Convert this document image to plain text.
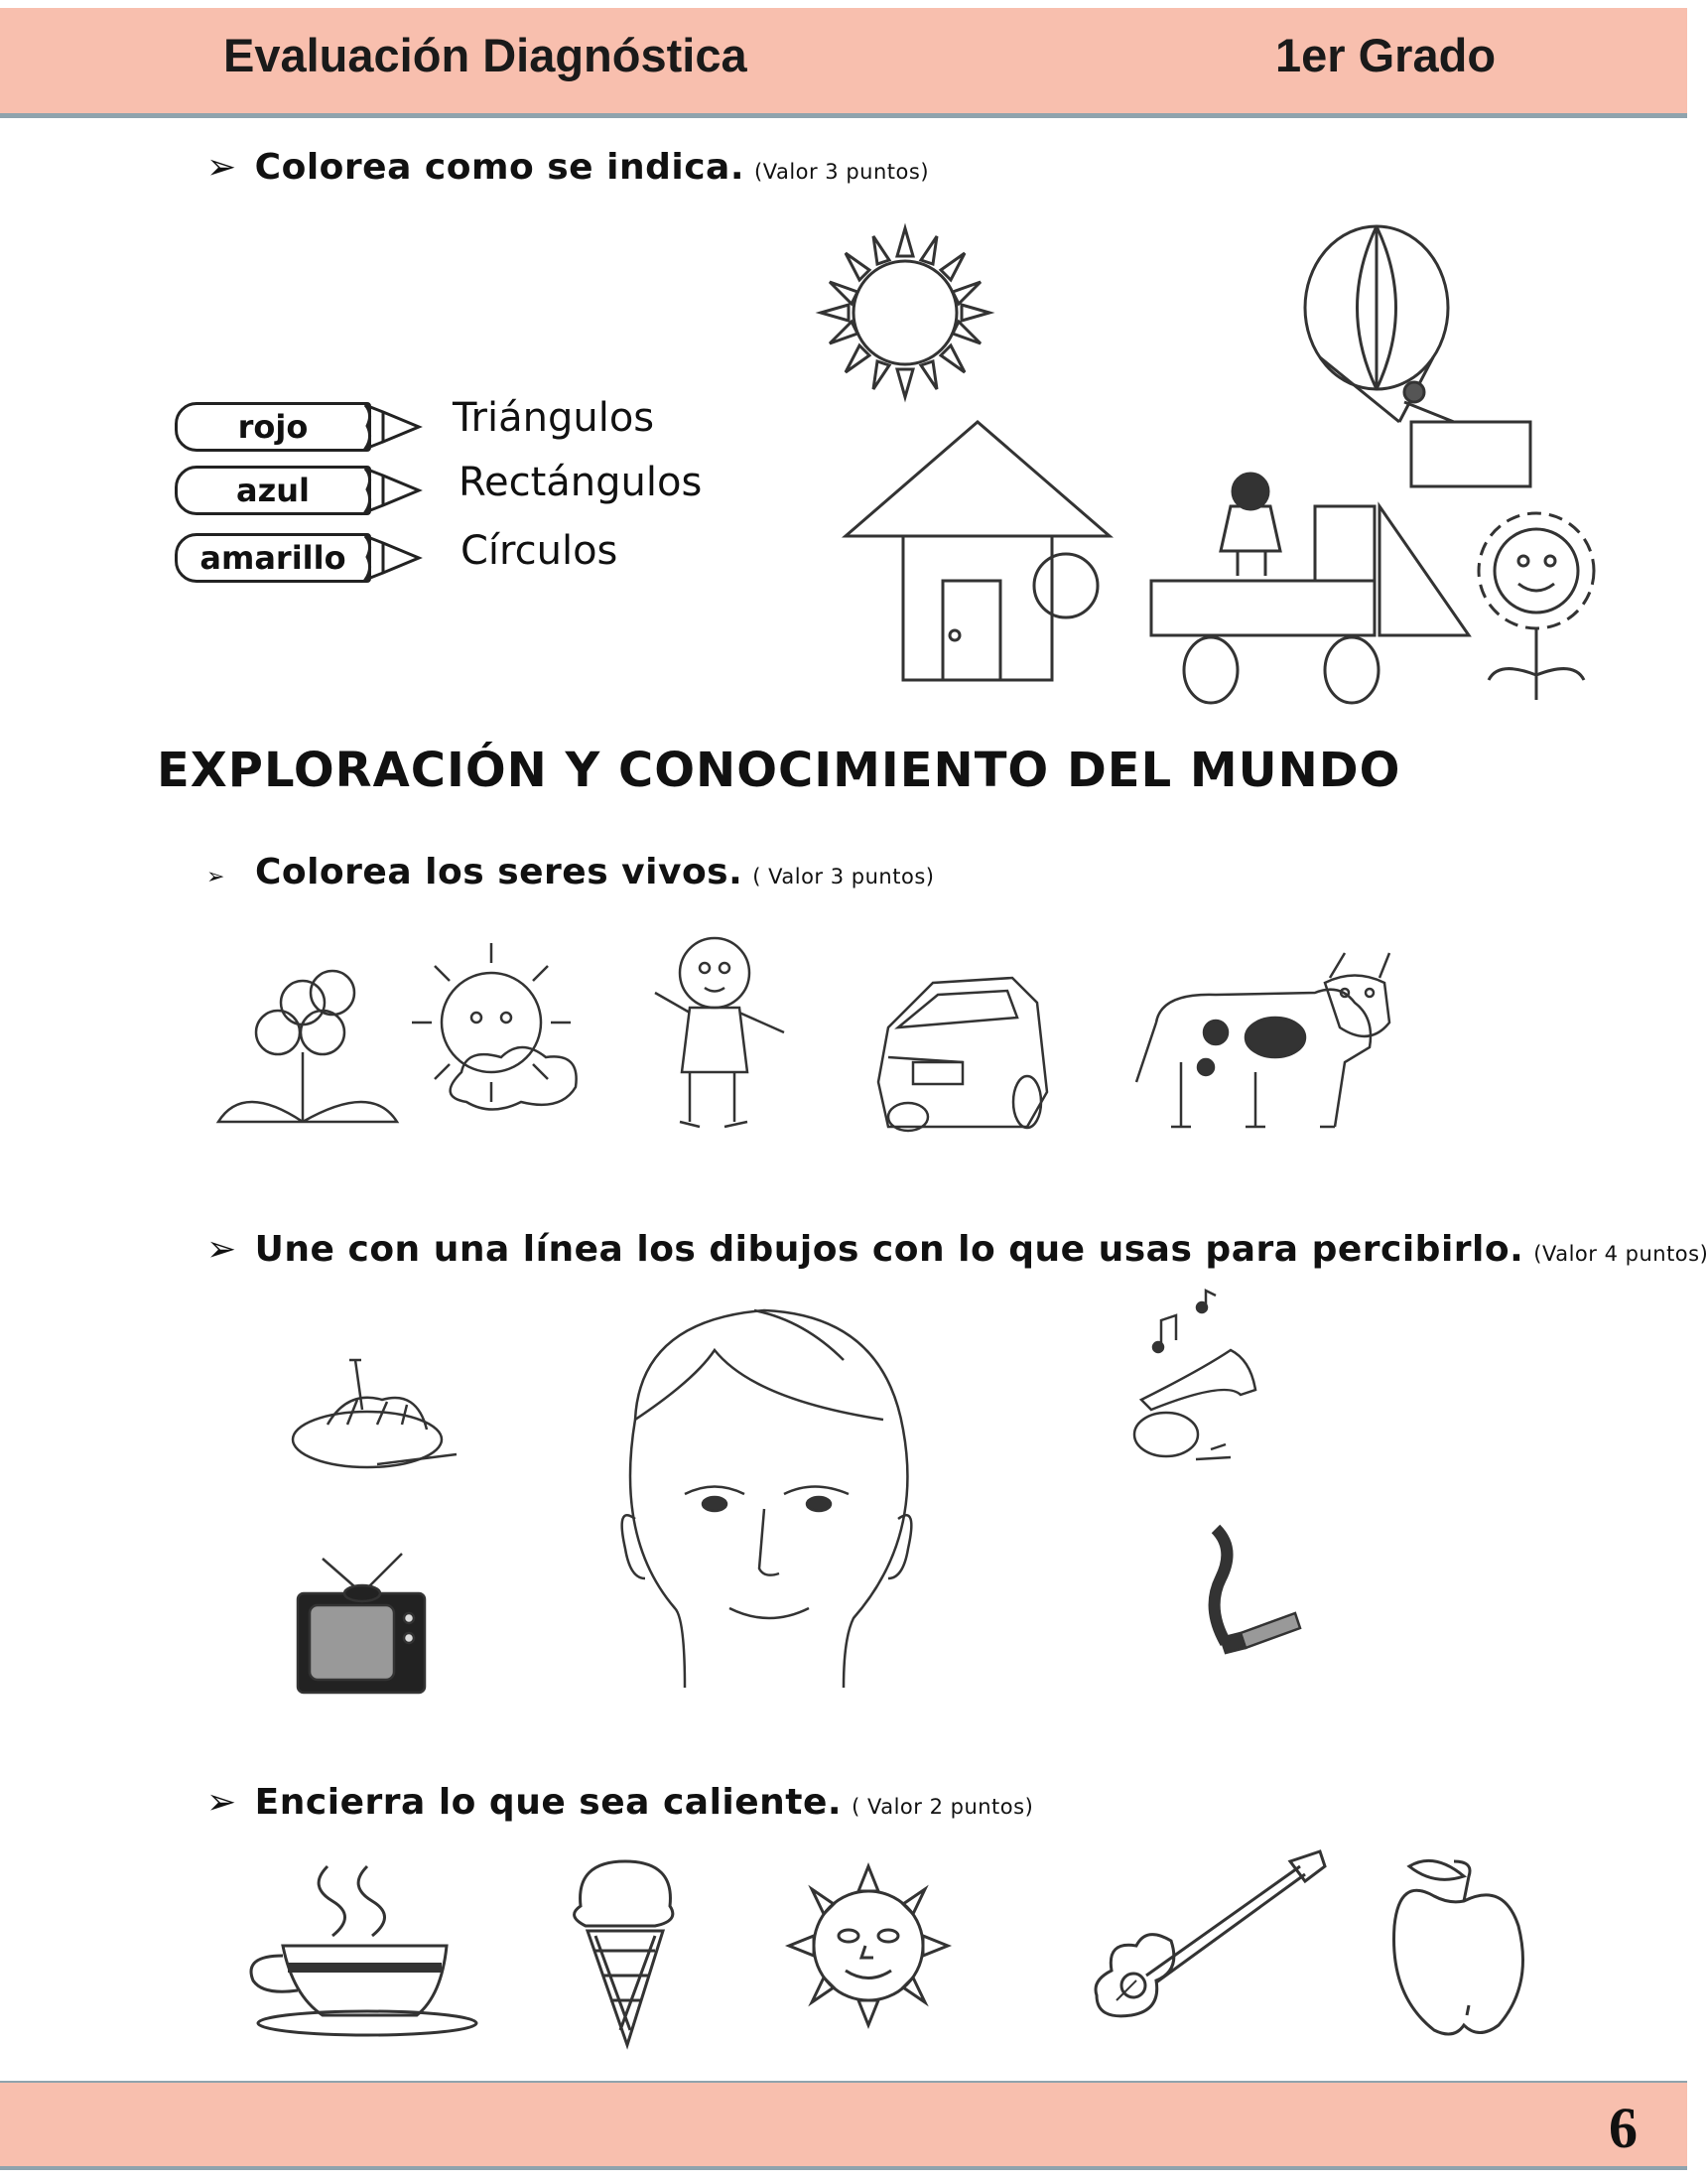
Evaluación Diagnóstica	1er Grado
➢ Colorea como se indica. (Valor 3 puntos)
rojo
azul
amarillo
Triángulos
Rectángulos
Círculos
EXPLORACIÓN Y CONOCIMIENTO DEL MUNDO
➢ Colorea los seres vivos. ( Valor 3 puntos)
➢ Une con una línea los dibujos con lo que usas para percibirlo. (Valor 4 puntos)
➢ Encierra lo que sea caliente. ( Valor 2 puntos)
6
